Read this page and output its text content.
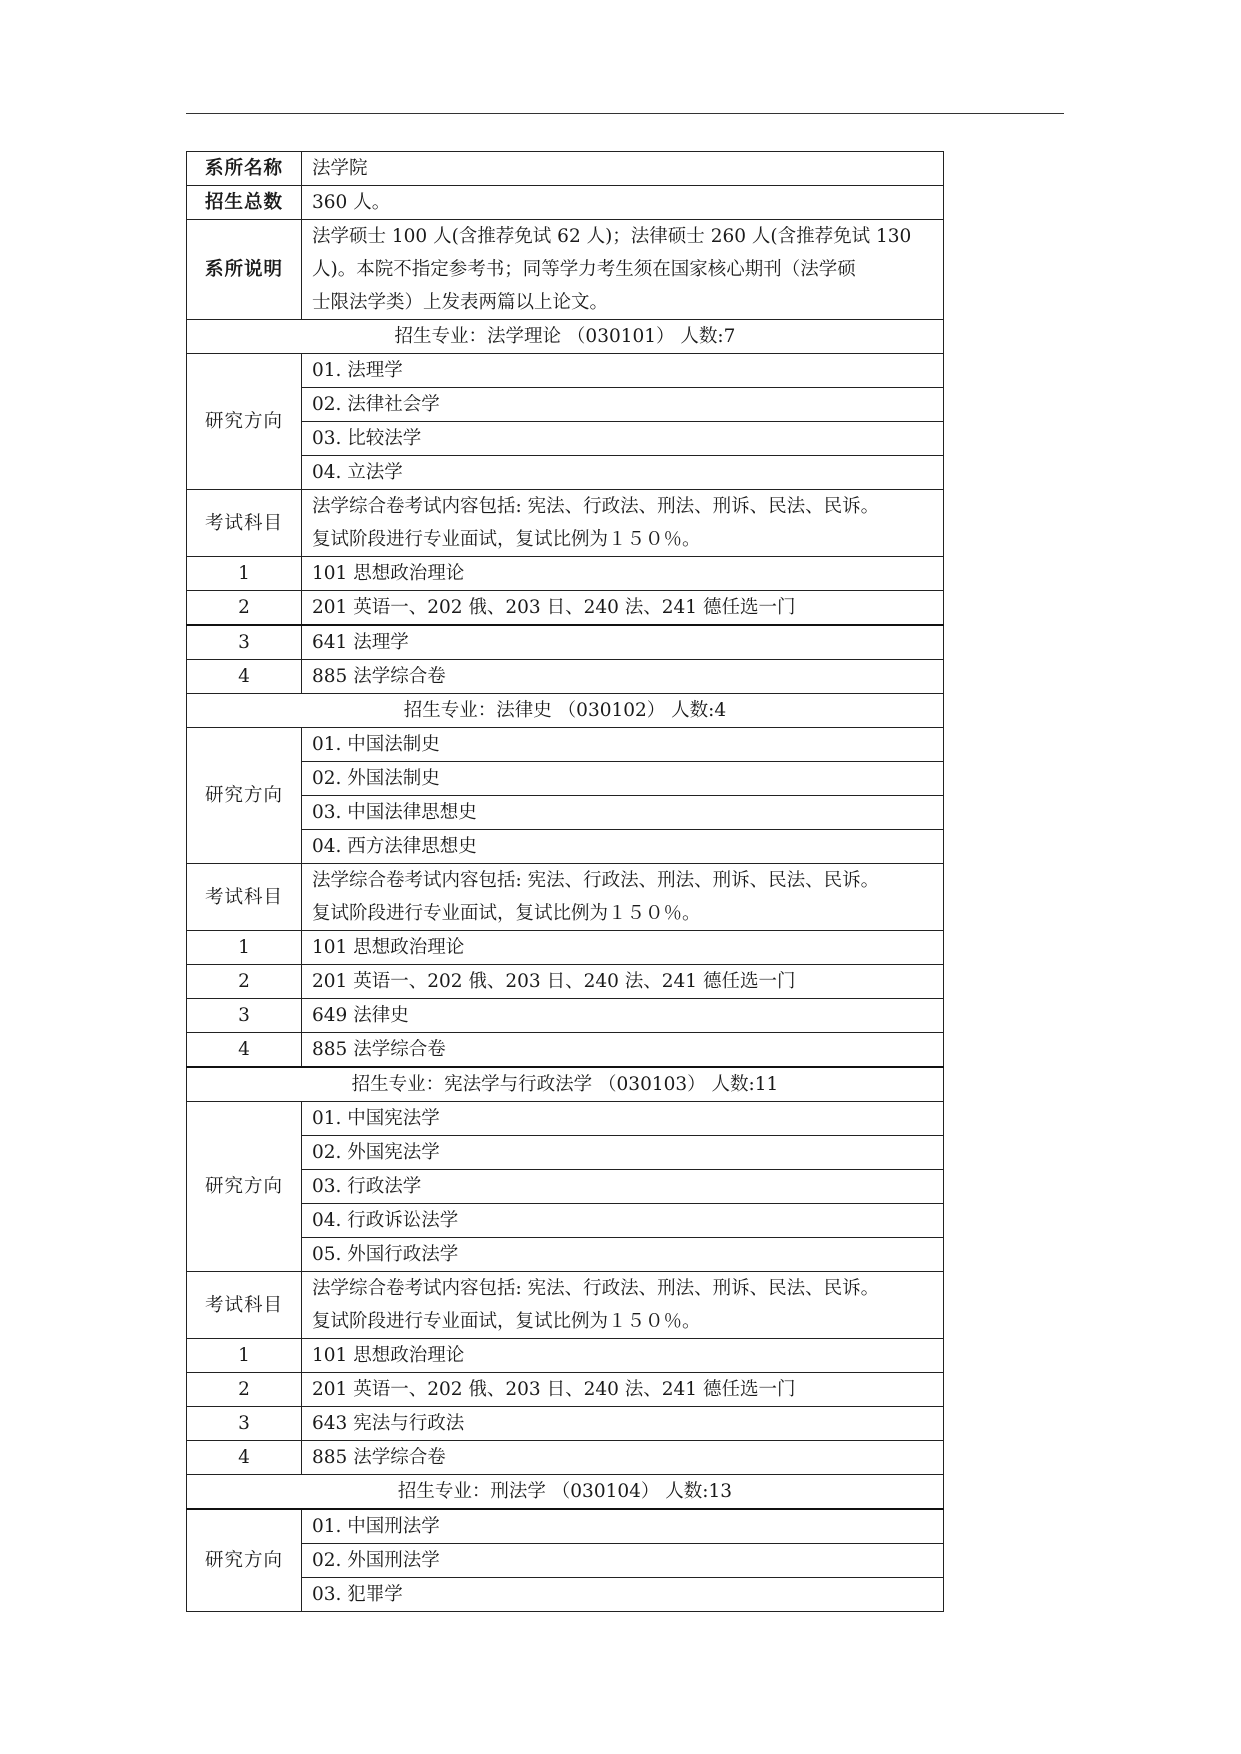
系所名称	法学院
招生总数	360 人。
系所说明	法学硕士 100 人(含推荐免试 62 人)；法律硕士 260 人(含推荐免试 130
人)。本院不指定参考书；同等学力考生须在国家核心期刊（法学硕
士限法学类）上发表两篇以上论文。
招生专业：法学理论 （030101） 人数:7	
研究方向	01. 法理学
	02. 法律社会学
	03. 比较法学
	04. 立法学
考试科目	法学综合卷考试内容包括: 宪法、行政法、刑法、刑诉、民法、民诉。
复试阶段进行专业面试，复试比例为１５０％。
1	101 思想政治理论
2	201 英语一、202 俄、203 日、240 法、241 德任选一门
3	641 法理学
4	885 法学综合卷
招生专业：法律史 （030102） 人数:4	
研究方向	01. 中国法制史
	02. 外国法制史
	03. 中国法律思想史
	04. 西方法律思想史
考试科目	法学综合卷考试内容包括: 宪法、行政法、刑法、刑诉、民法、民诉。
复试阶段进行专业面试，复试比例为１５０％。
1	101 思想政治理论
2	201 英语一、202 俄、203 日、240 法、241 德任选一门
3	649 法律史
4	885 法学综合卷
招生专业：宪法学与行政法学 （030103） 人数:11	
研究方向	01. 中国宪法学
	02. 外国宪法学
	03. 行政法学
	04. 行政诉讼法学
	05. 外国行政法学
考试科目	法学综合卷考试内容包括: 宪法、行政法、刑法、刑诉、民法、民诉。
复试阶段进行专业面试，复试比例为１５０％。
1	101 思想政治理论
2	201 英语一、202 俄、203 日、240 法、241 德任选一门
3	643 宪法与行政法
4	885 法学综合卷
招生专业：刑法学 （030104） 人数:13	
研究方向	01. 中国刑法学
	02. 外国刑法学
	03. 犯罪学
